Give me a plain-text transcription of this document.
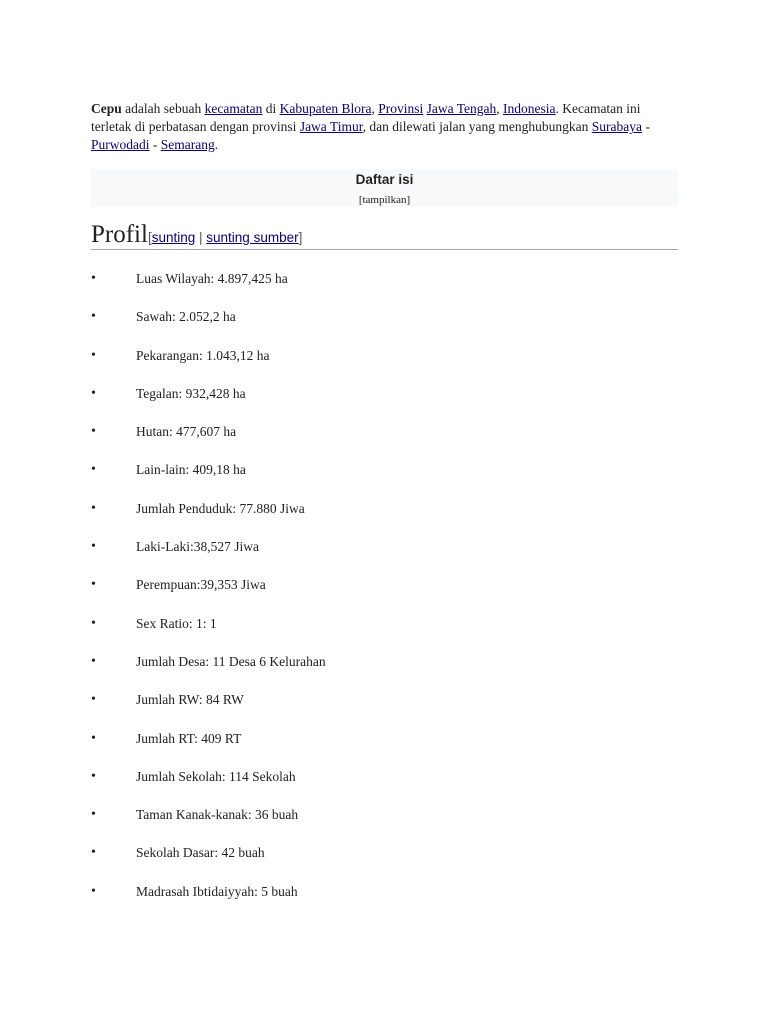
Cepu adalah sebuah kecamatan di Kabupaten Blora, Provinsi Jawa Tengah, Indonesia. Kecamatan ini terletak di perbatasan dengan provinsi Jawa Timur, dan dilewati jalan yang menghubungkan Surabaya - Purwodadi - Semarang.
Daftar isi
[tampilkan]
Profil[sunting | sunting sumber]
•	Luas Wilayah: 4.897,425 ha
•	Sawah: 2.052,2 ha
•	Pekarangan: 1.043,12 ha
•	Tegalan: 932,428 ha
•	Hutan: 477,607 ha
•	Lain-lain: 409,18 ha
•	Jumlah Penduduk: 77.880 Jiwa
•	Laki-Laki:38,527 Jiwa
•	Perempuan:39,353 Jiwa
•	Sex Ratio: 1: 1
•	Jumlah Desa: 11 Desa 6 Kelurahan
•	Jumlah RW: 84 RW
•	Jumlah RT: 409 RT
•	Jumlah Sekolah: 114 Sekolah
•	Taman Kanak-kanak: 36 buah
•	Sekolah Dasar: 42 buah
•	Madrasah Ibtidaiyyah: 5 buah
